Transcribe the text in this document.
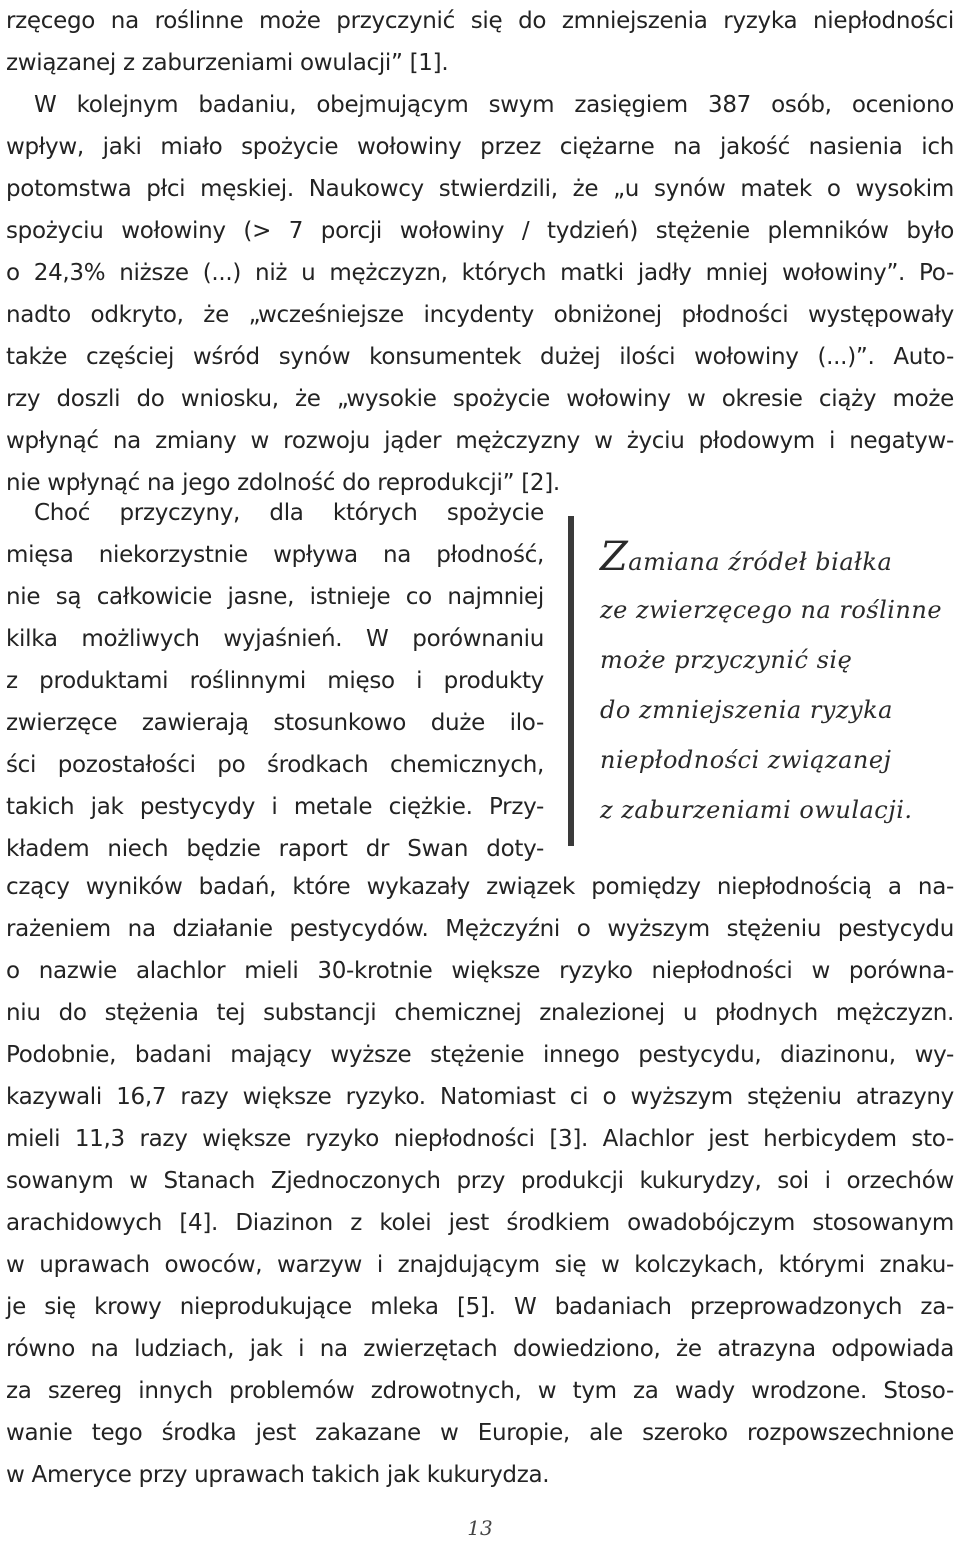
rzęcego na roślinne może przyczynić się do zmniejszenia ryzyka niepłodności
związanej z zaburzeniami owulacji” [1].
W kolejnym badaniu, obejmującym swym zasięgiem 387 osób, oceniono
wpływ, jaki miało spożycie wołowiny przez ciężarne na jakość nasienia ich
potomstwa płci męskiej. Naukowcy stwierdzili, że „u synów matek o wysokim
spożyciu wołowiny (> 7 porcji wołowiny / tydzień) stężenie plemników było
o 24,3% niższe (...) niż u mężczyzn, których matki jadły mniej wołowiny”. Po-
nadto odkryto, że „wcześniejsze incydenty obniżonej płodności występowały
także częściej wśród synów konsumentek dużej ilości wołowiny (...)”. Auto-
rzy doszli do wniosku, że „wysokie spożycie wołowiny w okresie ciąży może
wpłynąć na zmiany w rozwoju jąder mężczyzny w życiu płodowym i negatyw-
nie wpłynąć na jego zdolność do reprodukcji” [2].
Choć przyczyny, dla których spożycie
mięsa niekorzystnie wpływa na płodność,
nie są całkowicie jasne, istnieje co najmniej
kilka możliwych wyjaśnień. W porównaniu
z produktami roślinnymi mięso i produkty
zwierzęce zawierają stosunkowo duże ilo-
ści pozostałości po środkach chemicznych,
takich jak pestycydy i metale ciężkie. Przy-
kładem niech będzie raport dr Swan doty-
Zamiana źródeł białka
ze zwierzęcego na roślinne
może przyczynić się
do zmniejszenia ryzyka
niepłodności związanej
z zaburzeniami owulacji.
czący wyników badań, które wykazały związek pomiędzy niepłodnością a na-
rażeniem na działanie pestycydów. Mężczyźni o wyższym stężeniu pestycydu
o nazwie alachlor mieli 30-krotnie większe ryzyko niepłodności w porówna-
niu do stężenia tej substancji chemicznej znalezionej u płodnych mężczyzn.
Podobnie, badani mający wyższe stężenie innego pestycydu, diazinonu, wy-
kazywali 16,7 razy większe ryzyko. Natomiast ci o wyższym stężeniu atrazyny
mieli 11,3 razy większe ryzyko niepłodności [3]. Alachlor jest herbicydem sto-
sowanym w Stanach Zjednoczonych przy produkcji kukurydzy, soi i orzechów
arachidowych [4]. Diazinon z kolei jest środkiem owadobójczym stosowanym
w uprawach owoców, warzyw i znajdującym się w kolczykach, którymi znaku-
je się krowy nieprodukujące mleka [5]. W badaniach przeprowadzonych za-
równo na ludziach, jak i na zwierzętach dowiedziono, że atrazyna odpowiada
za szereg innych problemów zdrowotnych, w tym za wady wrodzone. Stoso-
wanie tego środka jest zakazane w Europie, ale szeroko rozpowszechnione
w Ameryce przy uprawach takich jak kukurydza.
13
